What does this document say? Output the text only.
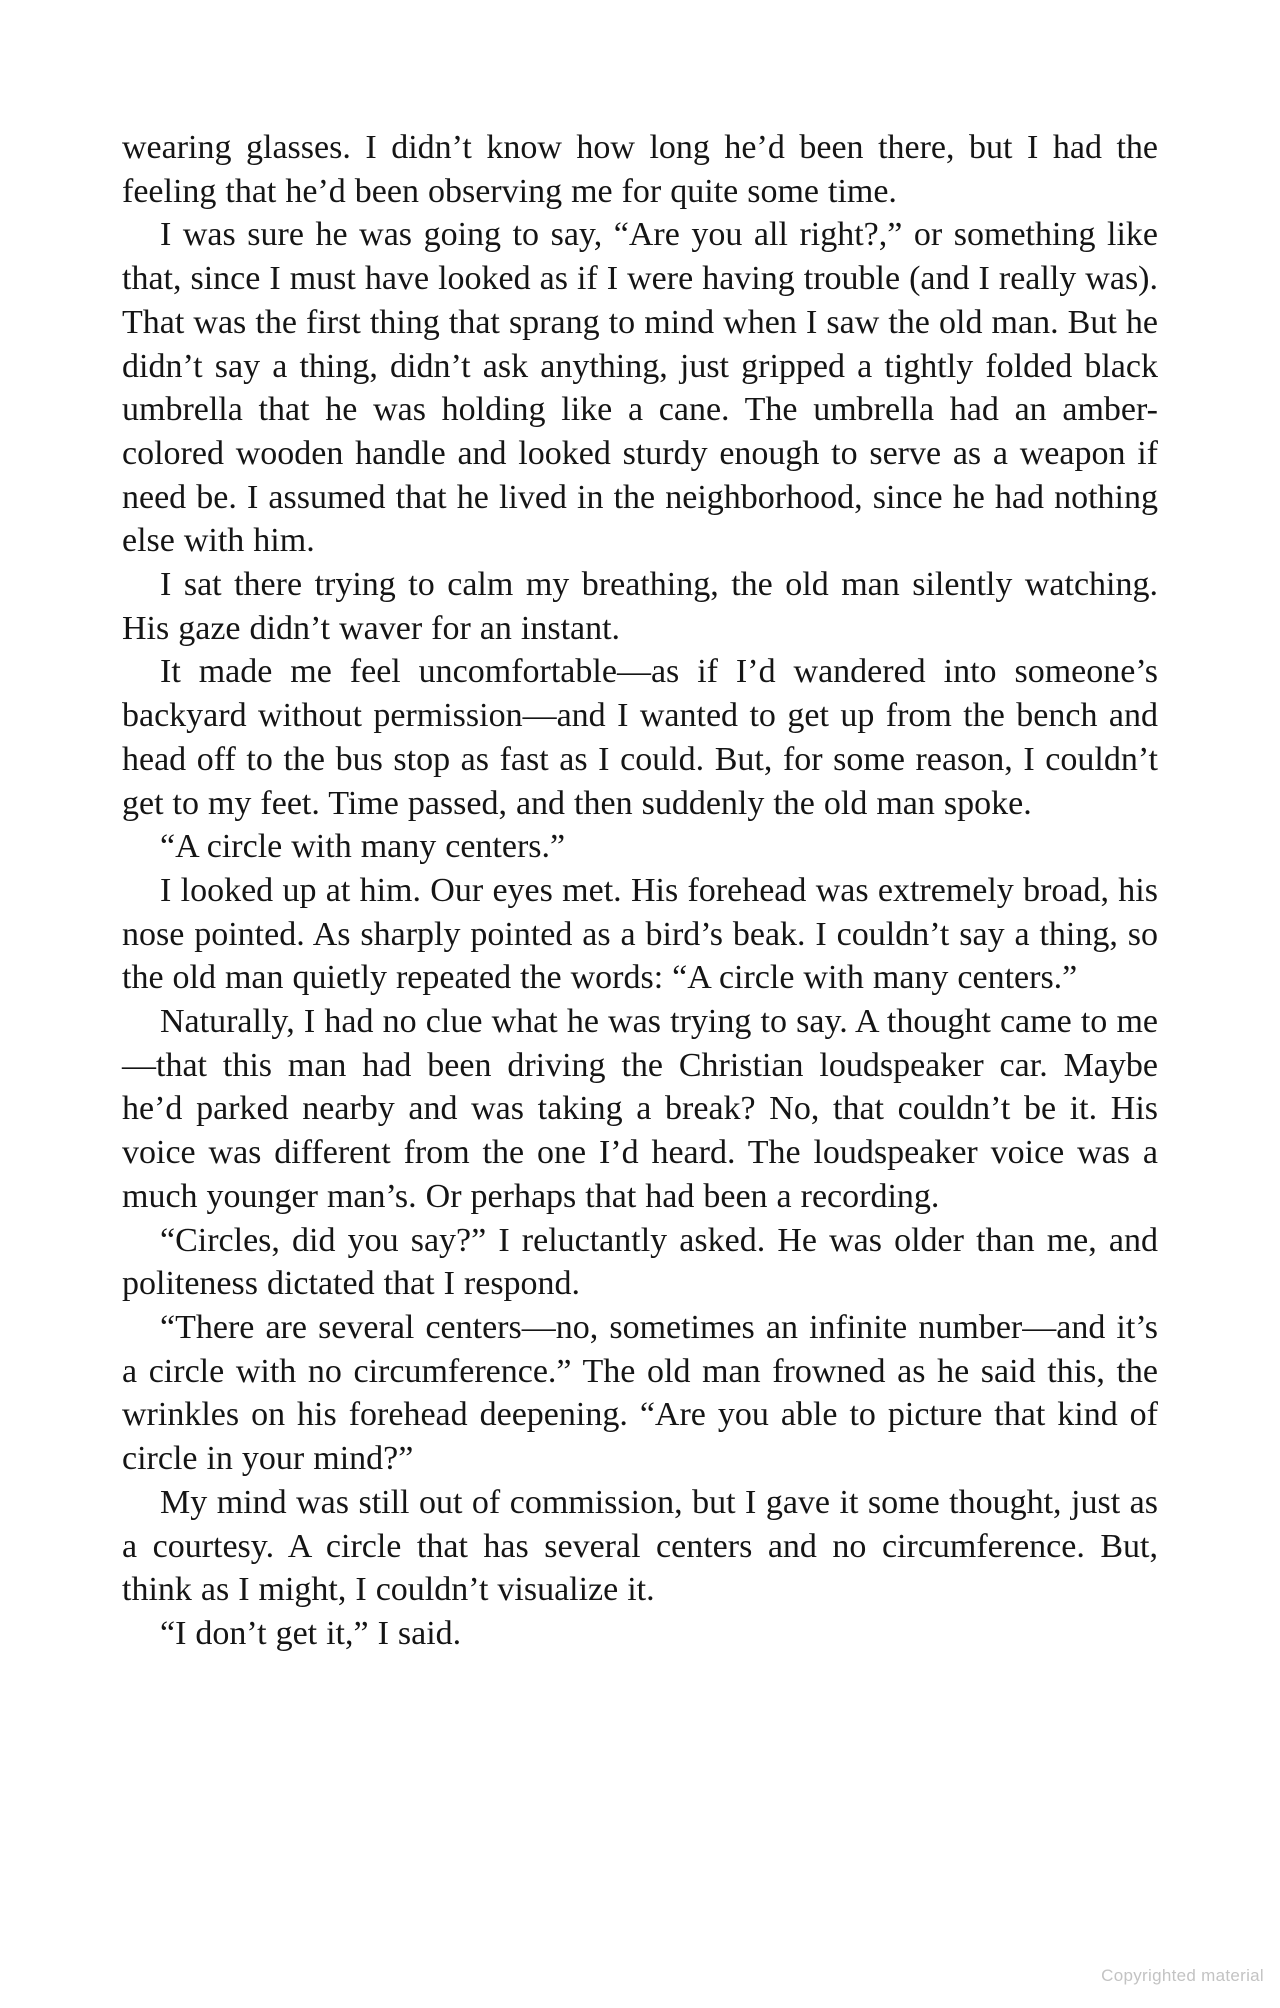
wearing glasses. I didn’t know how long he’d been there, but I had the feeling that he’d been observing me for quite some time.

I was sure he was going to say, “Are you all right?,” or something like that, since I must have looked as if I were having trouble (and I really was). That was the first thing that sprang to mind when I saw the old man. But he didn’t say a thing, didn’t ask anything, just gripped a tightly folded black umbrella that he was holding like a cane. The umbrella had an amber-colored wooden handle and looked sturdy enough to serve as a weapon if need be. I assumed that he lived in the neighborhood, since he had nothing else with him.

I sat there trying to calm my breathing, the old man silently watching. His gaze didn’t waver for an instant.

It made me feel uncomfortable—as if I’d wandered into someone’s backyard without permission—and I wanted to get up from the bench and head off to the bus stop as fast as I could. But, for some reason, I couldn’t get to my feet. Time passed, and then suddenly the old man spoke.

“A circle with many centers.”

I looked up at him. Our eyes met. His forehead was extremely broad, his nose pointed. As sharply pointed as a bird’s beak. I couldn’t say a thing, so the old man quietly repeated the words: “A circle with many centers.”

Naturally, I had no clue what he was trying to say. A thought came to me—that this man had been driving the Christian loudspeaker car. Maybe he’d parked nearby and was taking a break? No, that couldn’t be it. His voice was different from the one I’d heard. The loudspeaker voice was a much younger man’s. Or perhaps that had been a recording.

“Circles, did you say?” I reluctantly asked. He was older than me, and politeness dictated that I respond.

“There are several centers—no, sometimes an infinite number—and it’s a circle with no circumference.” The old man frowned as he said this, the wrinkles on his forehead deepening. “Are you able to picture that kind of circle in your mind?”

My mind was still out of commission, but I gave it some thought, just as a courtesy. A circle that has several centers and no circumference. But, think as I might, I couldn’t visualize it.

“I don’t get it,” I said.

Copyrighted material
